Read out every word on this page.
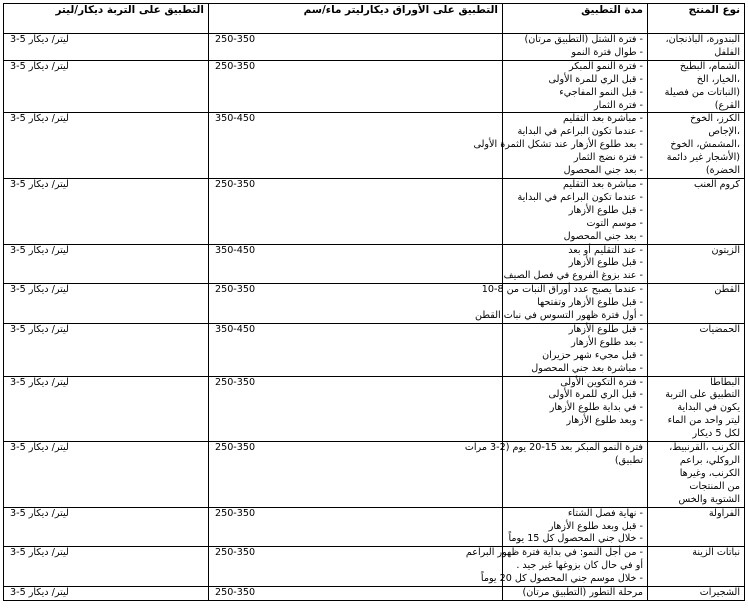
نوع المنتج	مدة التطبيق	التطبيق على الأوراق ديكارليتر ماء/سم	التطبيق على التربة ديكار/ليتر

البندورة، الباذنجان،
الفلفل	- فترة الشتل (التطبيق مرتان)
- طوال فترة النمو	250-350	3-5 ليتر/ ديكار

الشمام، البطيخ
،الخيار، الخ
(النباتات من فصيلة
القرع)	- فترة النمو المبكر
- قبل الري للمرة الأولى
- قبل النمو المفاجيء
- فترة الثمار	250-350	3-5 ليتر/ ديكار

الكرز، الخوخ
،الإجاص
،المشمش، الخوخ
(الأشجار غير دائمة
الخضرة)	- مباشرة بعد التقليم
- عندما تكون البراعم في البداية
- بعد طلوع الأزهار عند تشكل الثمرة الأولى
- فترة نضج الثمار
- بعد جني المحصول	350-450	3-5 ليتر/ ديكار

كروم العنب	- مباشرة بعد التقليم
- عندما تكون البراعم في البداية
- قبل طلوع الأزهار
- موسم التوت
- بعد جني المحصول	250-350	3-5 ليتر/ ديكار

الزيتون	- عند التقليم أو بعد
- قبل طلوع الأزهار
- عند بزوغ الفروع في فصل الصيف	350-450	3-5 ليتر/ ديكار

القطن	- عندما يصبح عدد أوراق النبات من 8-10
- قبل طلوع الأزهار وتفتحها
- أول فترة ظهور التسوس في نبات القطن	250-350	3-5 ليتر/ ديكار

الحمضيات	- قبل طلوع الأزهار
- بعد طلوع الأزهار
- قبل مجيء شهر حزيران
- مباشرة بعد جني المحصول	350-450	3-5 ليتر/ ديكار

البطاطا
التطبيق على التربة
يكون في البداية
ليتر واحد من الماء
لكل 5 ديكار	- فترة التكوين الأولى
- قبل الري للمرة الأولى
- في بداية طلوع الأزهار
- وبعد طلوع الأزهار	250-350	3-5 ليتر/ ديكار

الكرنب ،القرنبيط،
الروكلي، براعم
الكرنب، وغيرها
من المنتجات
الشتوية والخس	فترة النمو المبكر بعد 15-20 يوم (2-3 مرات
تطبيق)	250-350	3-5 ليتر/ ديكار

الفراولة	- نهاية فصل الشتاء
- قبل وبعد طلوع الأزهار
- خلال جني المحصول كل 15 يوماً	250-350	3-5 ليتر/ ديكار

نباتات الزينة	- من أجل النمو: في بداية فترة ظهور البراعم
أو في حال كان بزوغها غير جيد .
- خلال موسم جني المحصول كل 20 يوماً	250-350	3-5 ليتر/ ديكار

الشجيرات	مرحلة التطور (التطبيق مرتان)	250-350	3-5 ليتر/ ديكار
